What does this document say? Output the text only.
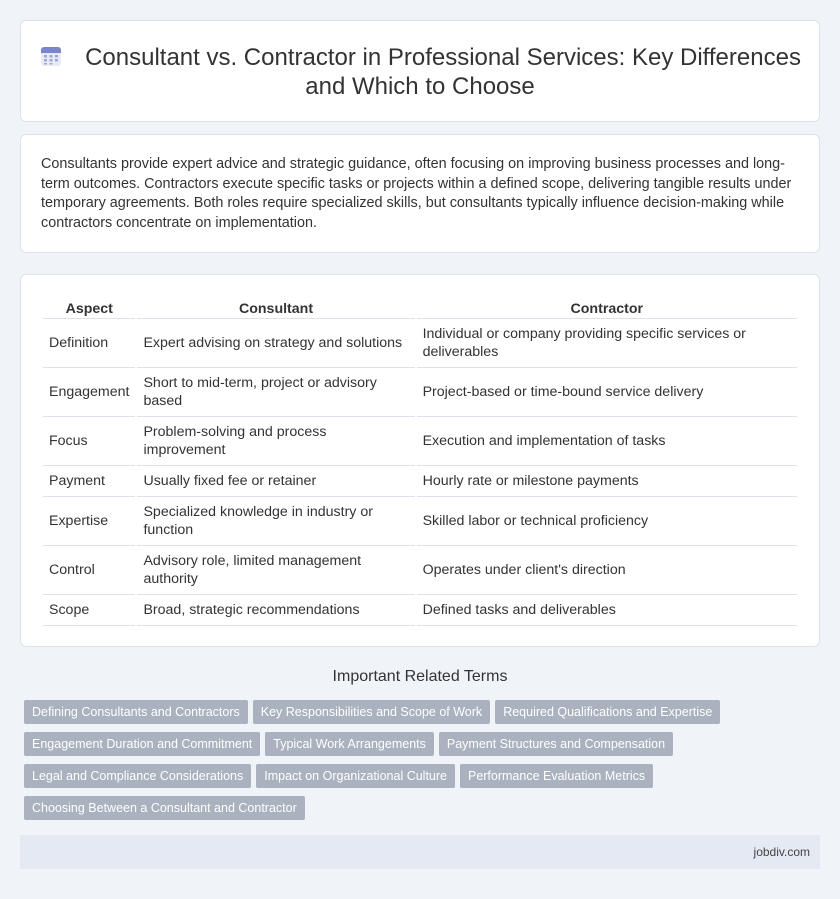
Consultant vs. Contractor in Professional Services: Key Differences and Which to Choose

Consultants provide expert advice and strategic guidance, often focusing on improving business processes and long-term outcomes. Contractors execute specific tasks or projects within a defined scope, delivering tangible results under temporary agreements. Both roles require specialized skills, but consultants typically influence decision-making while contractors concentrate on implementation.

Aspect	Consultant	Contractor
Definition	Expert advising on strategy and solutions	Individual or company providing specific services or deliverables
Engagement	Short to mid-term, project or advisory based	Project-based or time-bound service delivery
Focus	Problem-solving and process improvement	Execution and implementation of tasks
Payment	Usually fixed fee or retainer	Hourly rate or milestone payments
Expertise	Specialized knowledge in industry or function	Skilled labor or technical proficiency
Control	Advisory role, limited management authority	Operates under client's direction
Scope	Broad, strategic recommendations	Defined tasks and deliverables
Important Related Terms
Defining Consultants and Contractors Key Responsibilities and Scope of Work Required Qualifications and Expertise
Engagement Duration and Commitment Typical Work Arrangements Payment Structures and Compensation
Legal and Compliance Considerations Impact on Organizational Culture Performance Evaluation Metrics
Choosing Between a Consultant and Contractor
jobdiv.com
